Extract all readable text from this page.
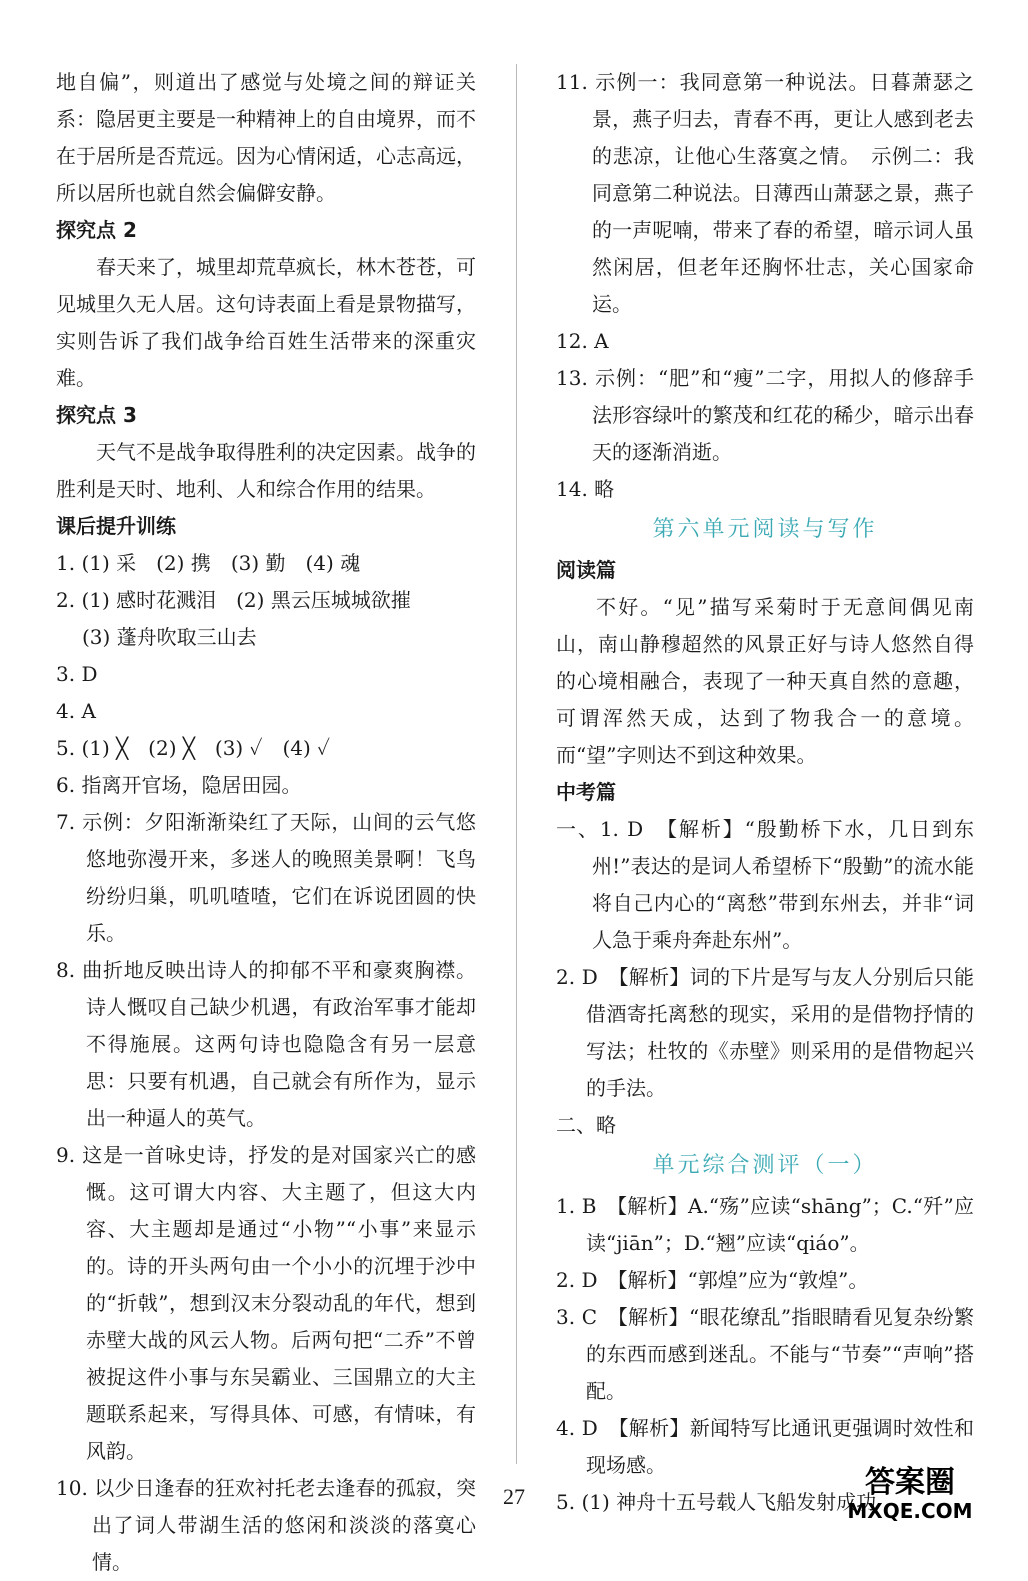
地自偏”，则道出了感觉与处境之间的辩证关系：隐居更主要是一种精神上的自由境界，而不在于居所是否荒远。因为心情闲适，心志高远，所以居所也就自然会偏僻安静。

探究点 2

春天来了，城里却荒草疯长，林木苍苍，可见城里久无人居。这句诗表面上看是景物描写，实则告诉了我们战争给百姓生活带来的深重灾难。

探究点 3

天气不是战争取得胜利的决定因素。战争的胜利是天时、地利、人和综合作用的结果。

课后提升训练

1. (1) 采　(2) 携　(3) 勤　(4) 魂

2. (1) 感时花溅泪　(2) 黑云压城城欲摧

(3) 蓬舟吹取三山去

3. D

4. A

5. (1) ╳　(2) ╳　(3) ✓　(4) ✓

6. 指离开官场，隐居田园。

7. 示例：夕阳渐渐染红了天际，山间的云气悠悠地弥漫开来，多迷人的晚照美景啊！飞鸟纷纷归巢，叽叽喳喳，它们在诉说团圆的快乐。

8. 曲折地反映出诗人的抑郁不平和豪爽胸襟。诗人慨叹自己缺少机遇，有政治军事才能却不得施展。这两句诗也隐隐含有另一层意思：只要有机遇，自己就会有所作为，显示出一种逼人的英气。

9. 这是一首咏史诗，抒发的是对国家兴亡的感慨。这可谓大内容、大主题了，但这大内容、大主题却是通过“小物”“小事”来显示的。诗的开头两句由一个小小的沉埋于沙中的“折戟”，想到汉末分裂动乱的年代，想到赤壁大战的风云人物。后两句把“二乔”不曾被捉这件小事与东吴霸业、三国鼎立的大主题联系起来，写得具体、可感，有情味，有风韵。

10. 以少日逢春的狂欢衬托老去逢春的孤寂，突出了词人带湖生活的悠闲和淡淡的落寞心情。

11. 示例一：我同意第一种说法。日暮萧瑟之景，燕子归去，青春不再，更让人感到老去的悲凉，让他心生落寞之情。　示例二：我同意第二种说法。日薄西山萧瑟之景，燕子的一声呢喃，带来了春的希望，暗示词人虽然闲居，但老年还胸怀壮志，关心国家命运。

12. A

13. 示例：“肥”和“瘦”二字，用拟人的修辞手法形容绿叶的繁茂和红花的稀少，暗示出春天的逐渐消逝。

14. 略

第六单元阅读与写作

阅读篇

不好。“见”描写采菊时于无意间偶见南山，南山静穆超然的风景正好与诗人悠然自得的心境相融合，表现了一种天真自然的意趣，可谓浑然天成，达到了物我合一的意境。而“望”字则达不到这种效果。

中考篇

一、1. D　【解析】“殷勤桥下水，几日到东州!”表达的是词人希望桥下“殷勤”的流水能将自己内心的“离愁”带到东州去，并非“词人急于乘舟奔赴东州”。

2. D　【解析】词的下片是写与友人分别后只能借酒寄托离愁的现实，采用的是借物抒情的写法；杜牧的《赤壁》则采用的是借物起兴的手法。

二、略

单元综合测评（一）

1. B　【解析】A.“殇”应读“shāng”；C.“歼”应读“jiān”；D.“翘”应读“qiáo”。

2. D　【解析】“郭煌”应为“敦煌”。

3. C　【解析】“眼花缭乱”指眼睛看见复杂纷繁的东西而感到迷乱。不能与“节奏”“声响”搭配。

4. D　【解析】新闻特写比通讯更强调时效性和现场感。

5. (1) 神舟十五号载人飞船发射成功

27	答案圈
MXQE.COM
